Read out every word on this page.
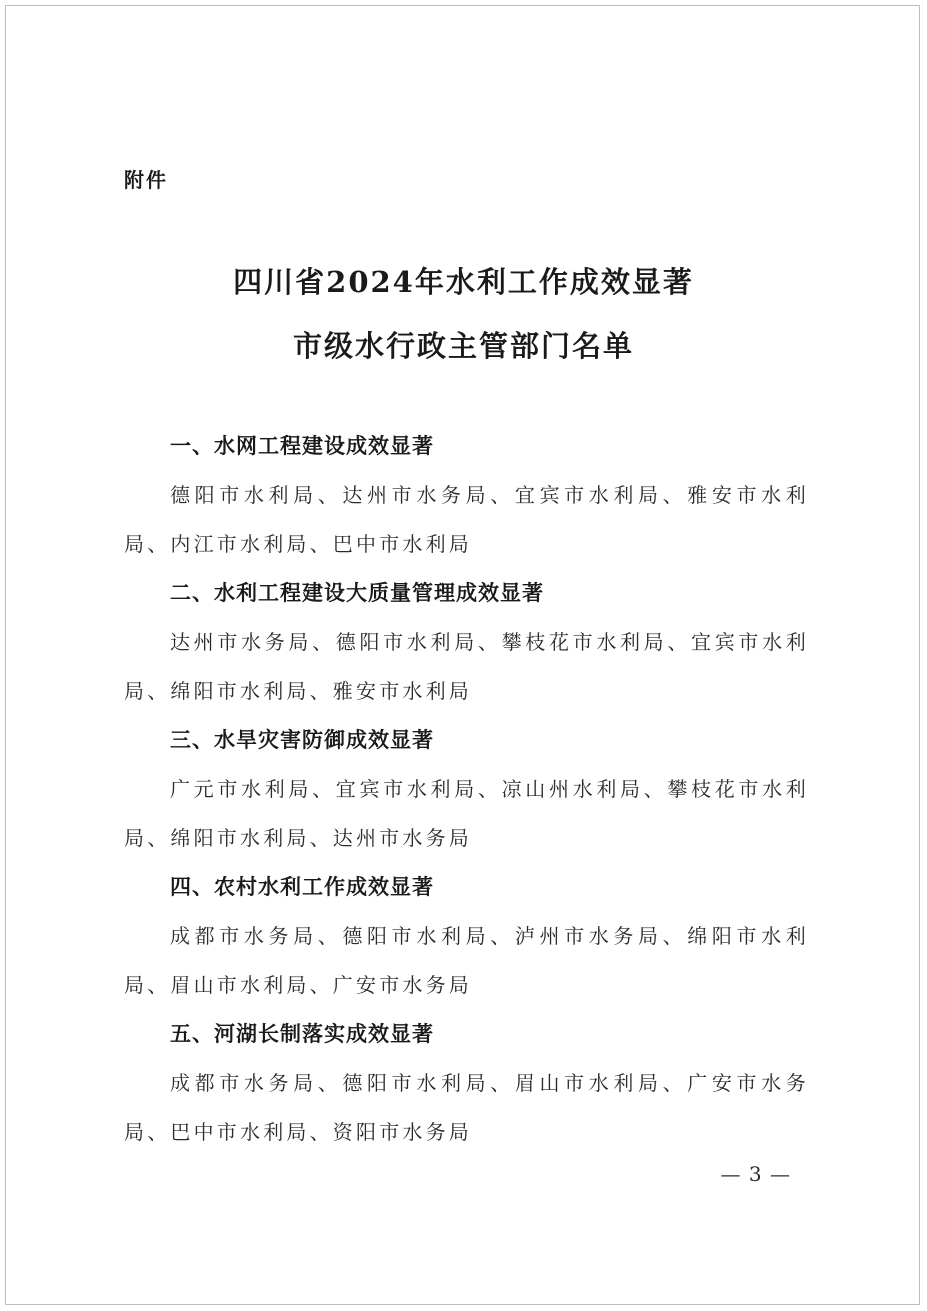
附件
四川省2024年水利工作成效显著
市级水行政主管部门名单
一、水网工程建设成效显著
德阳市水利局、达州市水务局、宜宾市水利局、雅安市水利局、内江市水利局、巴中市水利局
二、水利工程建设大质量管理成效显著
达州市水务局、德阳市水利局、攀枝花市水利局、宜宾市水利局、绵阳市水利局、雅安市水利局
三、水旱灾害防御成效显著
广元市水利局、宜宾市水利局、凉山州水利局、攀枝花市水利局、绵阳市水利局、达州市水务局
四、农村水利工作成效显著
成都市水务局、德阳市水利局、泸州市水务局、绵阳市水利局、眉山市水利局、广安市水务局
五、河湖长制落实成效显著
成都市水务局、德阳市水利局、眉山市水利局、广安市水务局、巴中市水利局、资阳市水务局
— 3 —
